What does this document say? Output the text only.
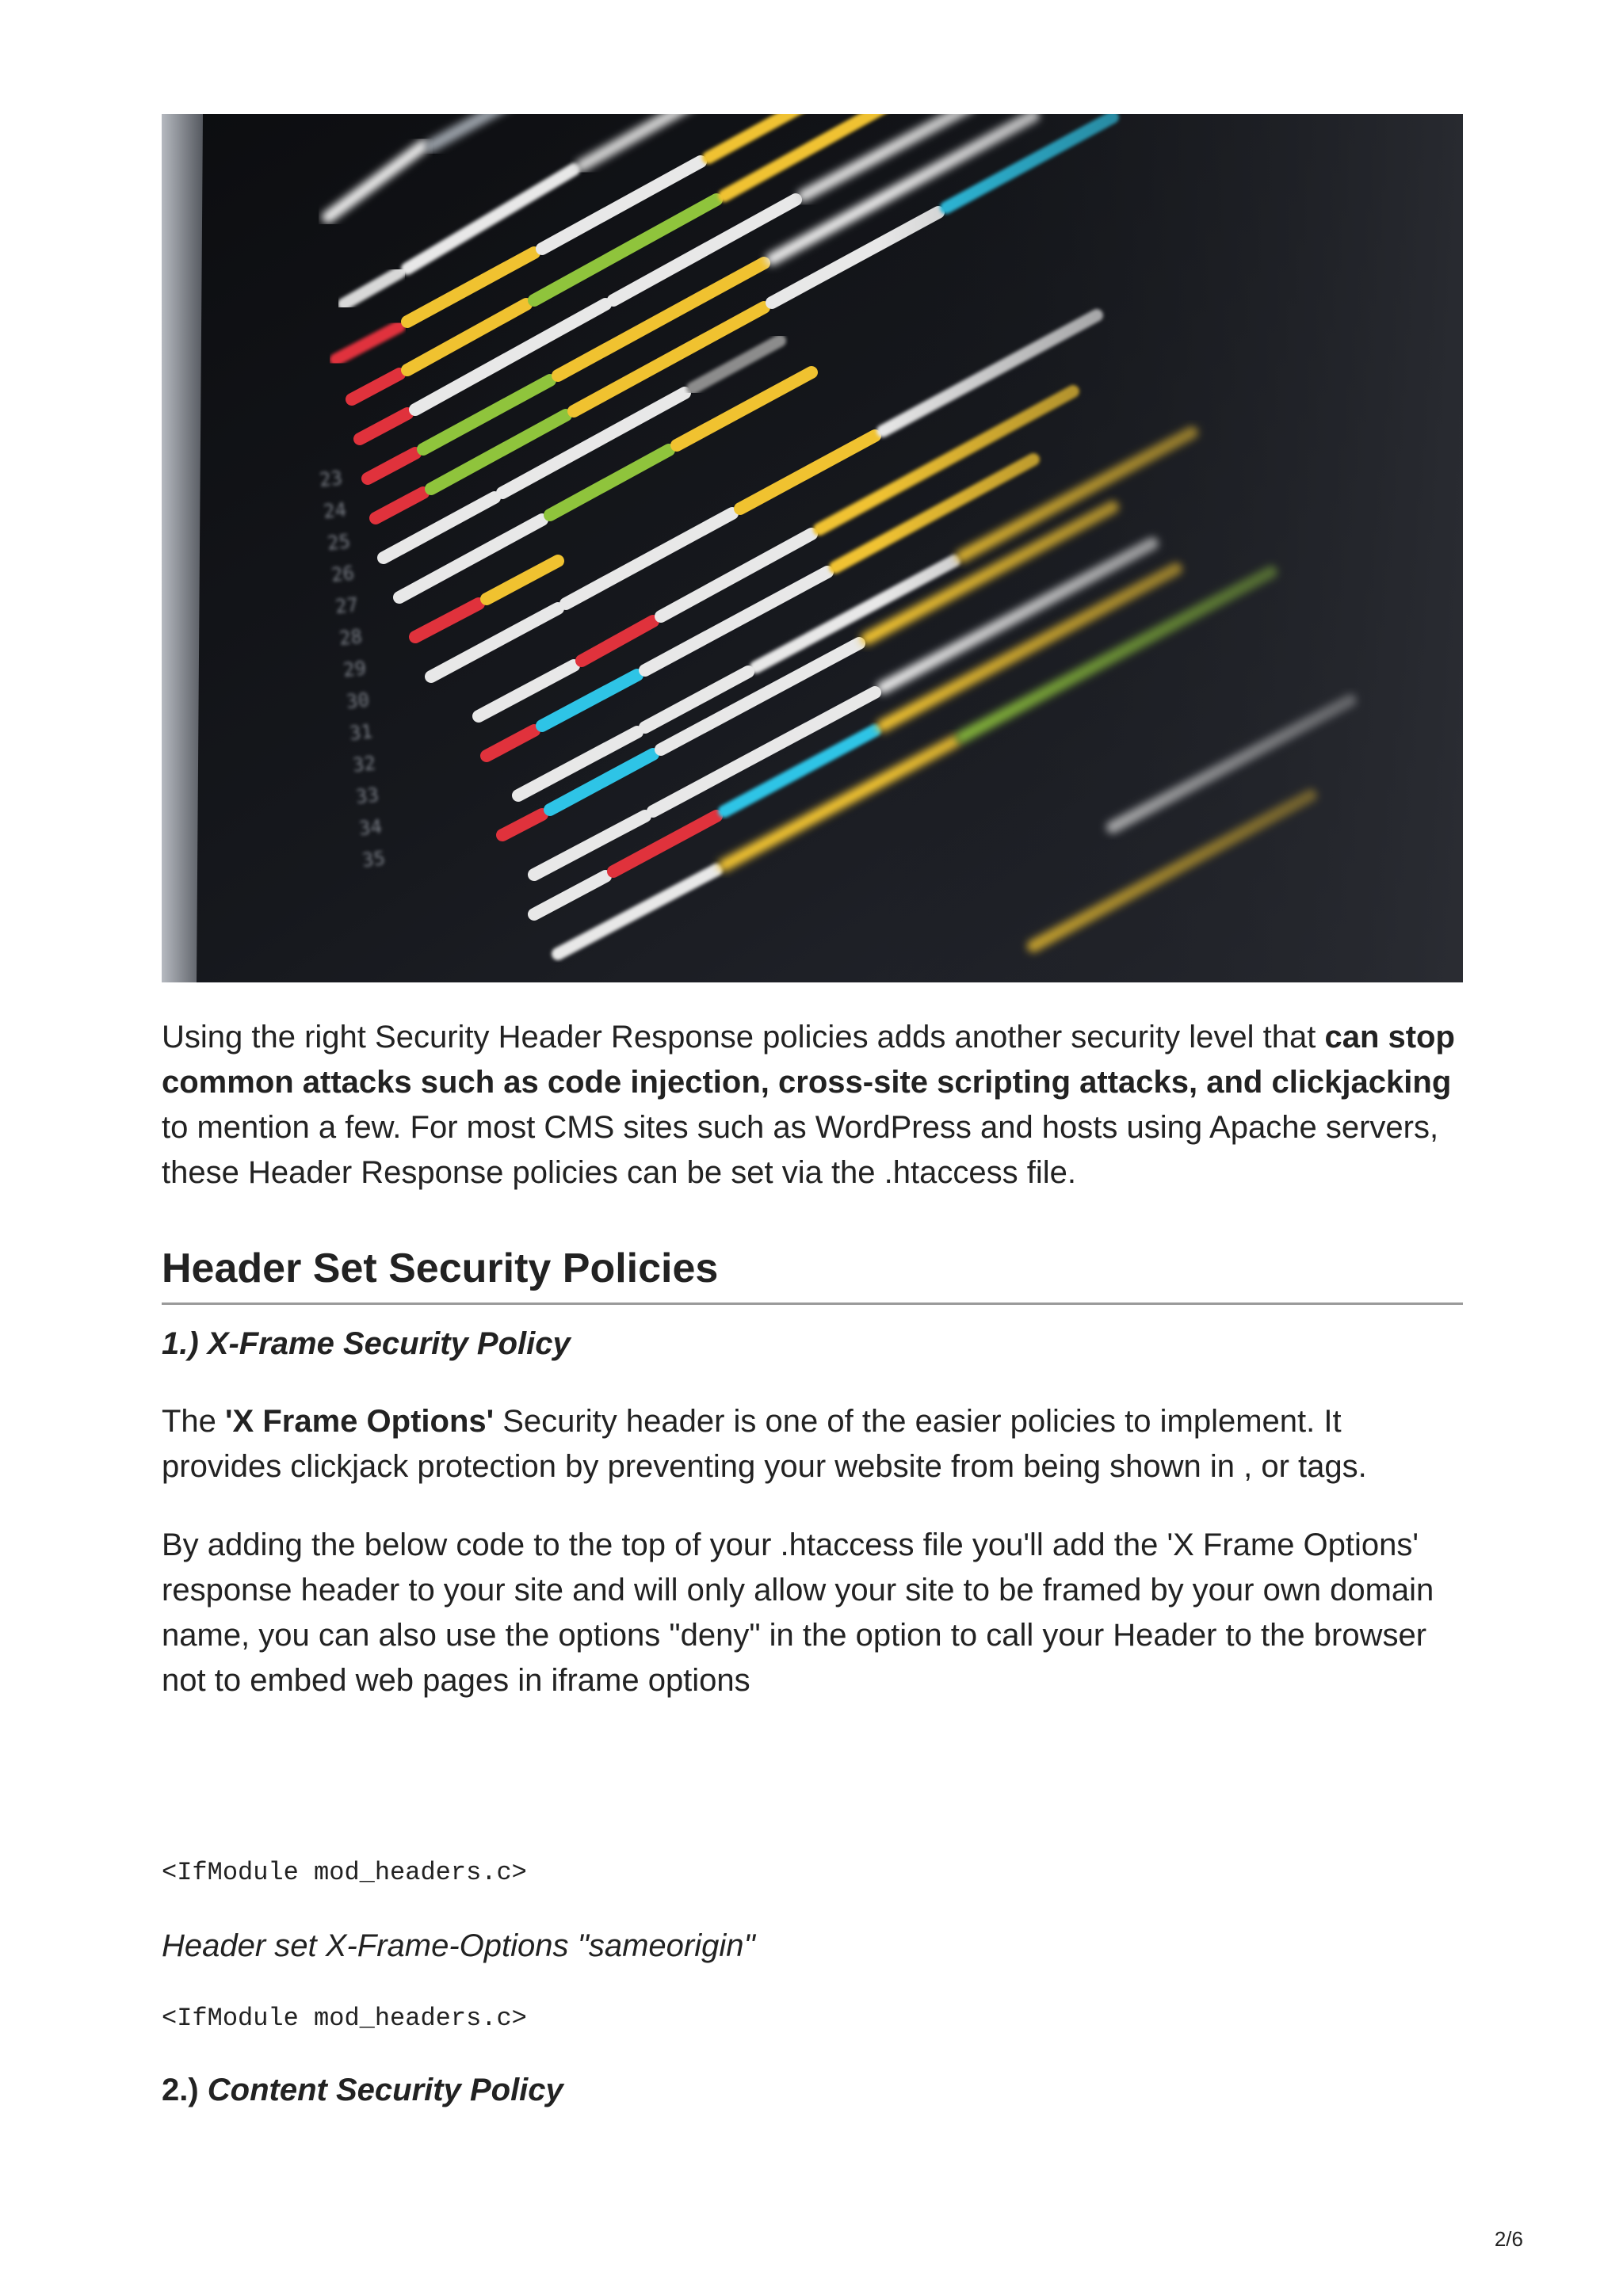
Using the right Security Header Response policies adds another security level that can stop common attacks such as code injection, cross-site scripting attacks, and clickjacking to mention a few. For most CMS sites such as WordPress and hosts using Apache servers, these Header Response policies can be set via the .htaccess file.

Header Set Security Policies

1.) X-Frame Security Policy

The 'X Frame Options' Security header is one of the easier policies to implement. It provides clickjack protection by preventing your website from being shown in , or tags.

By adding the below code to the top of your .htaccess file you'll add the 'X Frame Options' response header to your site and will only allow your site to be framed by your own domain name, you can also use the options "deny" in the option to call your Header to the browser not to embed web pages in iframe options

<IfModule mod_headers.c>

Header set X-Frame-Options "sameorigin"

<IfModule mod_headers.c>

2.) Content Security Policy

2/6
